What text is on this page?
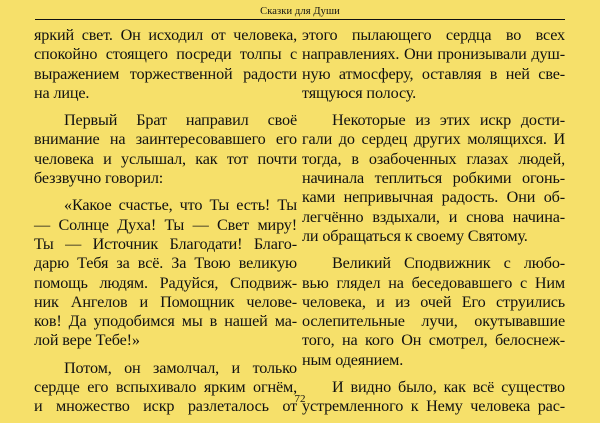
Сказки для Души
яркий свет. Он исходил от человека,
спокойно стоящего посреди толпы с
выражением торжественной радости
на лице.
Первый Брат направил своё
внимание на заинтересовавшего его
человека и услышал, как тот почти
беззвучно говорил:
«Какое счастье, что Ты есть! Ты
— Солнце Духа! Ты — Свет миру!
Ты — Источник Благодати! Благо-
дарю Тебя за всё. За Твою великую
помощь людям. Радуйся, Сподвиж-
ник Ангелов и Помощник челове-
ков! Да уподобимся мы в нашей ма-
лой вере Тебе!»
Потом, он замолчал, и только
сердце его вспыхивало ярким огнём,
и множество искр разлеталось от
этого пылающего сердца во всех
направлениях. Они пронизывали душ-
ную атмосферу, оставляя в ней све-
тящуюся полосу.
Некоторые из этих искр дости-
гали до сердец других молящихся. И
тогда, в озабоченных глазах людей,
начинала теплиться робкими огонь-
ками непривычная радость. Они об-
легчённо вздыхали, и снова начина-
ли обращаться к своему Святому.
Великий Сподвижник с любо-
вью глядел на беседовавшего с Ним
человека, и из очей Его струились
ослепительные лучи, окутывавшие
того, на кого Он смотрел, белоснеж-
ным одеянием.
И видно было, как всё существо
устремленного к Нему человека рас-
72
